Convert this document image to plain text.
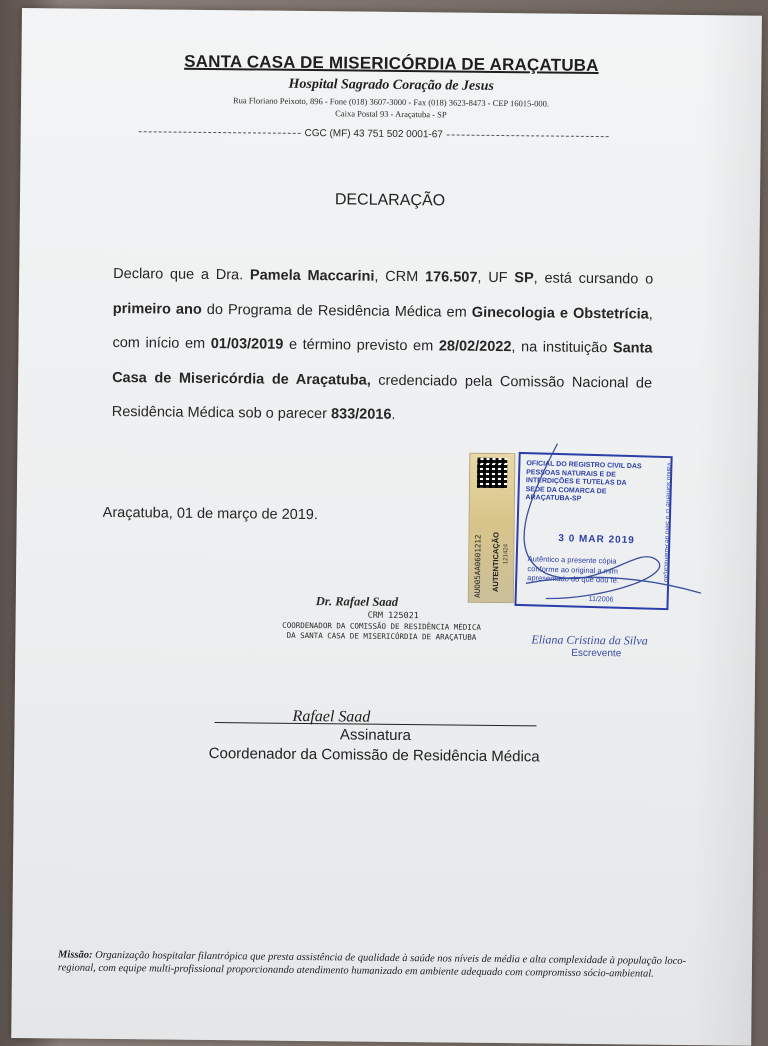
SANTA CASA DE MISERICÓRDIA DE ARAÇATUBA
Hospital Sagrado Coração de Jesus
Rua Floriano Peixoto, 896 - Fone (018) 3607-3000 - Fax (018) 3623-8473 - CEP 16015-000.
Caixa Postal 93 - Araçatuba - SP
CGC (MF) 43 751 502 0001-67
DECLARAÇÃO
Declaro que a Dra. Pamela Maccarini, CRM 176.507, UF SP, está cursando o primeiro ano do Programa de Residência Médica em Ginecologia e Obstetrícia, com início em 01/03/2019 e término previsto em 28/02/2022, na instituição Santa Casa de Misericórdia de Araçatuba, credenciado pela Comissão Nacional de Residência Médica sob o parecer 833/2016.
Araçatuba, 01 de março de 2019.
AUO05AA0601212	AUTENTICAÇÃO 121424
OFICIAL DO REGISTRO CIVIL DAS PESSOAS NATURAIS E DE INTERDIÇÕES E TUTELAS DA SEDE DA COMARCA DE ARAÇATUBA-SP
3 0 MAR 2019
Autêntico a presente cópia conforme ao original a mim apresentado do que dou fé.
11/2006
Válido somente c/ o Selo de Autenticação
Eliana Cristina da Silva
Escrevente
Dr. Rafael Saad
CRM 125021
COORDENADOR DA COMISSÃO DE RESIDÊNCIA MÉDICA DA SANTA CASA DE MISERICÓRDIA DE ARAÇATUBA
Rafael Saad
Assinatura
Coordenador da Comissão de Residência Médica
Missão: Organização hospitalar filantrópica que presta assistência de qualidade à saúde nos níveis de média e alta complexidade à população loco-regional, com equipe multi-profissional proporcionando atendimento humanizado em ambiente adequado com compromisso sócio-ambiental.
